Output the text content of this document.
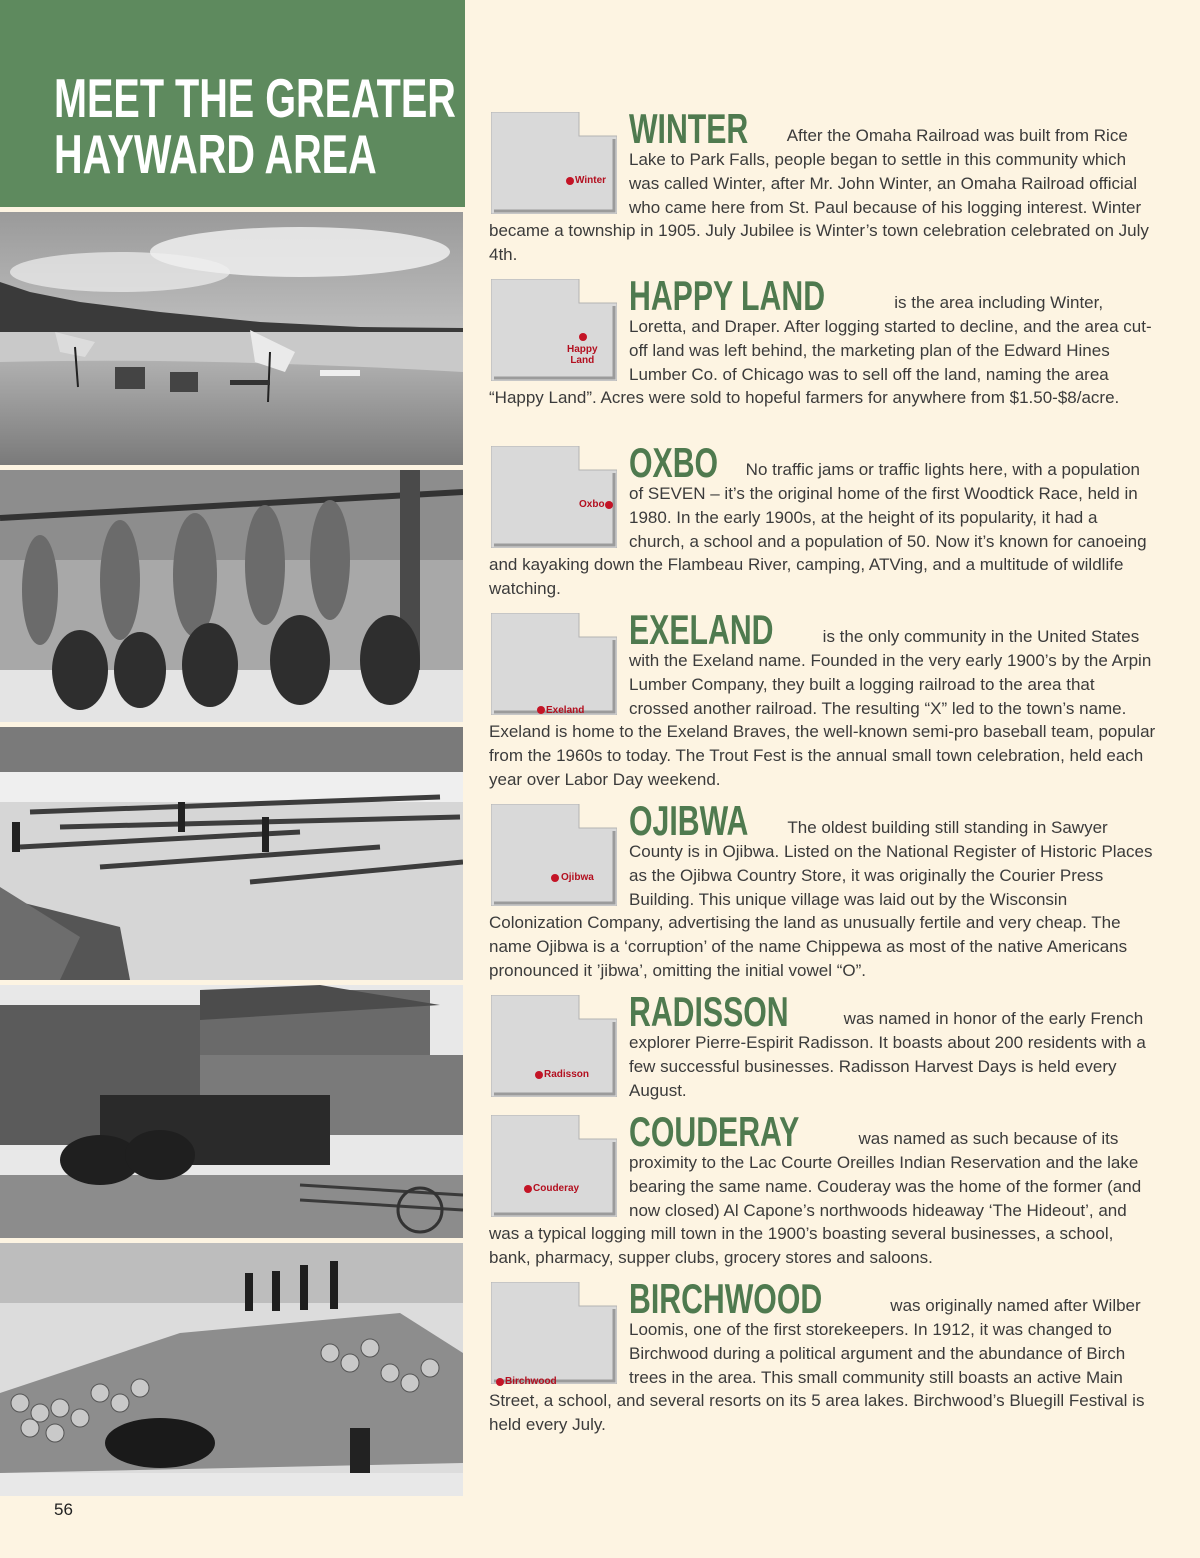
MEET THE GREATER
HAYWARD AREA
56
Winter

WINTER After the Omaha Railroad was built from Rice Lake to Park Falls, people began to settle in this community which was called Winter, after Mr. John Winter, an Omaha Railroad official who came here from St. Paul because of his logging interest. Winter became a township in 1905. July Jubilee is Winter’s town celebration celebrated on July 4th.

Happy
Land

HAPPY LAND	is the area including Winter, Loretta, and Draper. After logging started to decline, and the area cut-off land was left behind, the marketing plan of the Edward Hines Lumber Co. of Chicago was to sell off the land, naming the area “Happy Land”. Acres were sold to hopeful farmers for anywhere from $1.50-$8/acre.

Oxbo

OXBO No traffic jams or traffic lights here, with a population of SEVEN – it’s the original home of the first Woodtick Race, held in 1980. In the early 1900s, at the height of its popularity, it had a church, a school and a population of 50. Now it’s known for canoeing and kayaking down the Flambeau River, camping, ATVing, and a multitude of wildlife watching.

Exeland

EXELAND	is the only community in the United States with the Exeland name. Founded in the very early 1900’s by the Arpin Lumber Company, they built a logging railroad to the area that crossed another railroad. The resulting “X” led to the town’s name. Exeland is home to the Exeland Braves, the well-known semi-pro baseball team, popular from the 1960s to today. The Trout Fest is the annual small town celebration, held each year over Labor Day weekend.

Ojibwa

OJIBWA The oldest building still standing in Sawyer County is in Ojibwa. Listed on the National Register of Historic Places as the Ojibwa Country Store, it was originally the Courier Press Building. This unique village was laid out by the Wisconsin Colonization Company, advertising the land as unusually fertile and very cheap. The name Ojibwa is a ‘corruption’ of the name Chippewa as most of the native Americans pronounced it ’jibwa’, omitting the initial vowel “O”.

Radisson

RADISSON	was named in honor of the early French explorer Pierre-Espirit Radisson. It boasts about 200 residents with a few successful businesses. Radisson Harvest Days is held every August.

Couderay

COUDERAY	was named as such because of its proximity to the Lac Courte Oreilles Indian Reservation and the lake bearing the same name. Couderay was the home of the former (and now closed) Al Capone’s northwoods hideaway ‘The Hideout’, and was a typical logging mill town in the 1900’s boasting several businesses, a school, bank, pharmacy, supper clubs, grocery stores and saloons.

Birchwood

BIRCHWOOD	was originally named after Wilber Loomis, one of the first storekeepers. In 1912, it was changed to Birchwood during a political argument and the abundance of Birch trees in the area. This small community still boasts an active Main Street, a school, and several resorts on its 5 area lakes. Birchwood’s Bluegill Festival is held every July.
